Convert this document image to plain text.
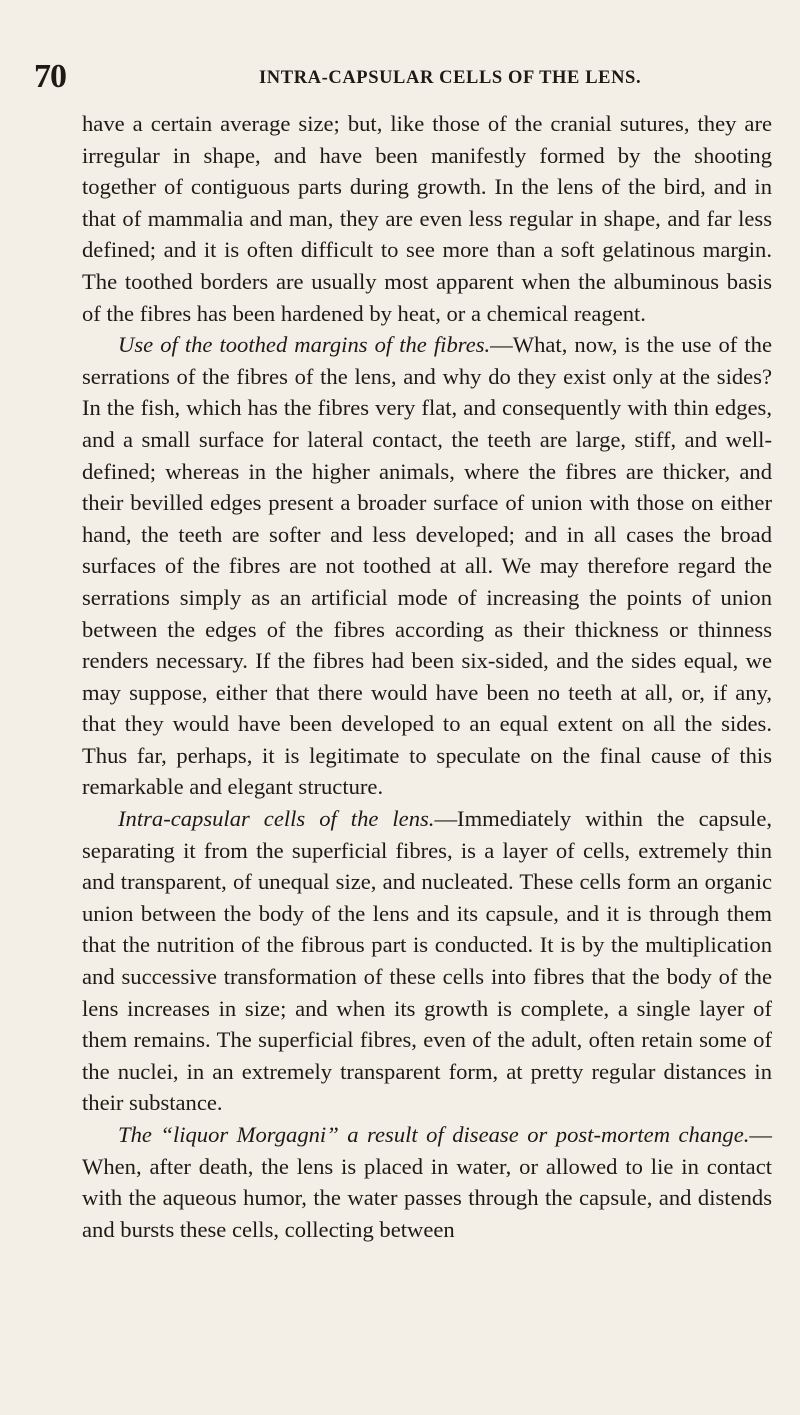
70	INTRA-CAPSULAR CELLS OF THE LENS.

have a certain average size; but, like those of the cranial sutures, they are irregular in shape, and have been manifestly formed by the shooting together of contiguous parts during growth. In the lens of the bird, and in that of mammalia and man, they are even less regular in shape, and far less defined; and it is often difficult to see more than a soft gelatinous margin. The toothed borders are usually most apparent when the albuminous basis of the fibres has been hardened by heat, or a chemical reagent.

Use of the toothed margins of the fibres.—What, now, is the use of the serrations of the fibres of the lens, and why do they exist only at the sides? In the fish, which has the fibres very flat, and consequently with thin edges, and a small surface for lateral contact, the teeth are large, stiff, and well-defined; whereas in the higher animals, where the fibres are thicker, and their bevilled edges present a broader surface of union with those on either hand, the teeth are softer and less developed; and in all cases the broad surfaces of the fibres are not toothed at all. We may therefore regard the serrations simply as an artificial mode of increasing the points of union between the edges of the fibres according as their thickness or thinness renders necessary. If the fibres had been six-sided, and the sides equal, we may suppose, either that there would have been no teeth at all, or, if any, that they would have been developed to an equal extent on all the sides. Thus far, perhaps, it is legitimate to speculate on the final cause of this remarkable and elegant structure.

Intra-capsular cells of the lens.—Immediately within the capsule, separating it from the superficial fibres, is a layer of cells, extremely thin and transparent, of unequal size, and nucleated. These cells form an organic union between the body of the lens and its capsule, and it is through them that the nutrition of the fibrous part is conducted. It is by the multiplication and successive transformation of these cells into fibres that the body of the lens increases in size; and when its growth is complete, a single layer of them remains. The superficial fibres, even of the adult, often retain some of the nuclei, in an extremely transparent form, at pretty regular distances in their substance.

The “liquor Morgagni” a result of disease or post-mortem change.—When, after death, the lens is placed in water, or allowed to lie in contact with the aqueous humor, the water passes through the capsule, and distends and bursts these cells, collecting between
